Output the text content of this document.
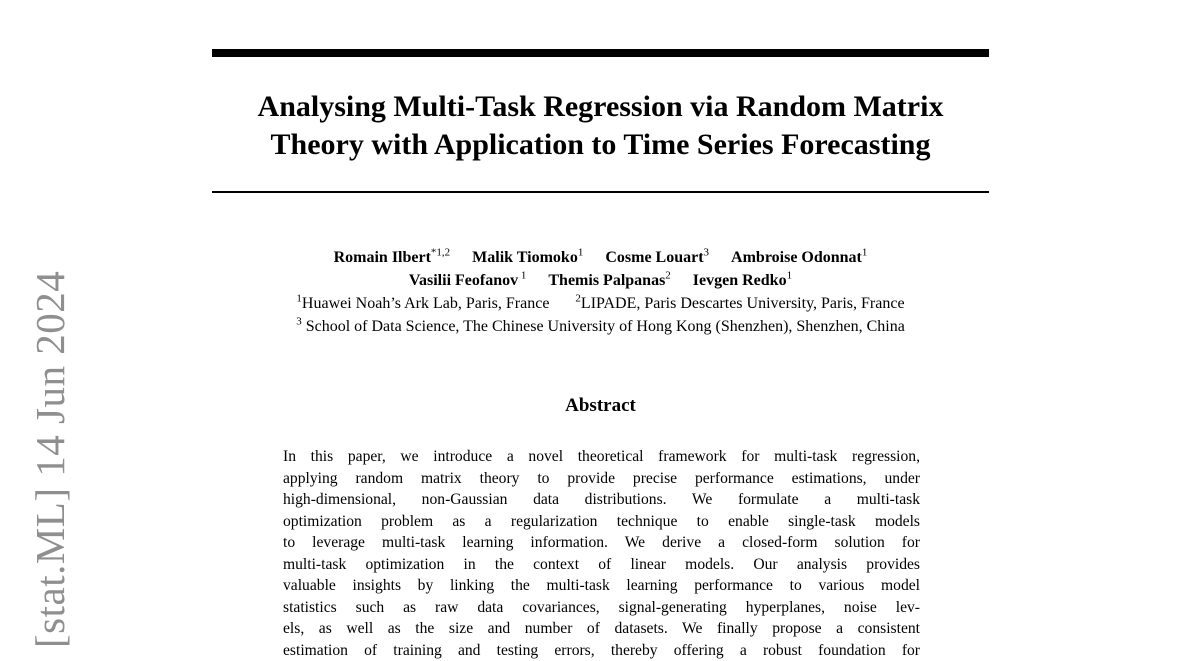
[stat.ML] 14 Jun 2024
Analysing Multi-Task Regression via Random Matrix
Theory with Application to Time Series Forecasting
Romain Ilbert$^{*1,2}$ Malik Tiomoko$^1$ Cosme Louart$^3$ Ambroise Odonnat$^1$
Vasilii Feofanov $^1$ Themis Palpanas$^2$ Ievgen Redko$^1$
$^1$Huawei Noah’s Ark Lab, Paris, France $^2$LIPADE, Paris Descartes University, Paris, France
$^3$ School of Data Science, The Chinese University of Hong Kong (Shenzhen), Shenzhen, China
Abstract
In this paper, we introduce a novel theoretical framework for multi-task regression,
applying random matrix theory to provide precise performance estimations, under
high-dimensional, non-Gaussian data distributions. We formulate a multi-task
optimization problem as a regularization technique to enable single-task models
to leverage multi-task learning information. We derive a closed-form solution for
multi-task optimization in the context of linear models. Our analysis provides
valuable insights by linking the multi-task learning performance to various model
statistics such as raw data covariances, signal-generating hyperplanes, noise lev-
els, as well as the size and number of datasets. We finally propose a consistent
estimation of training and testing errors, thereby offering a robust foundation for
